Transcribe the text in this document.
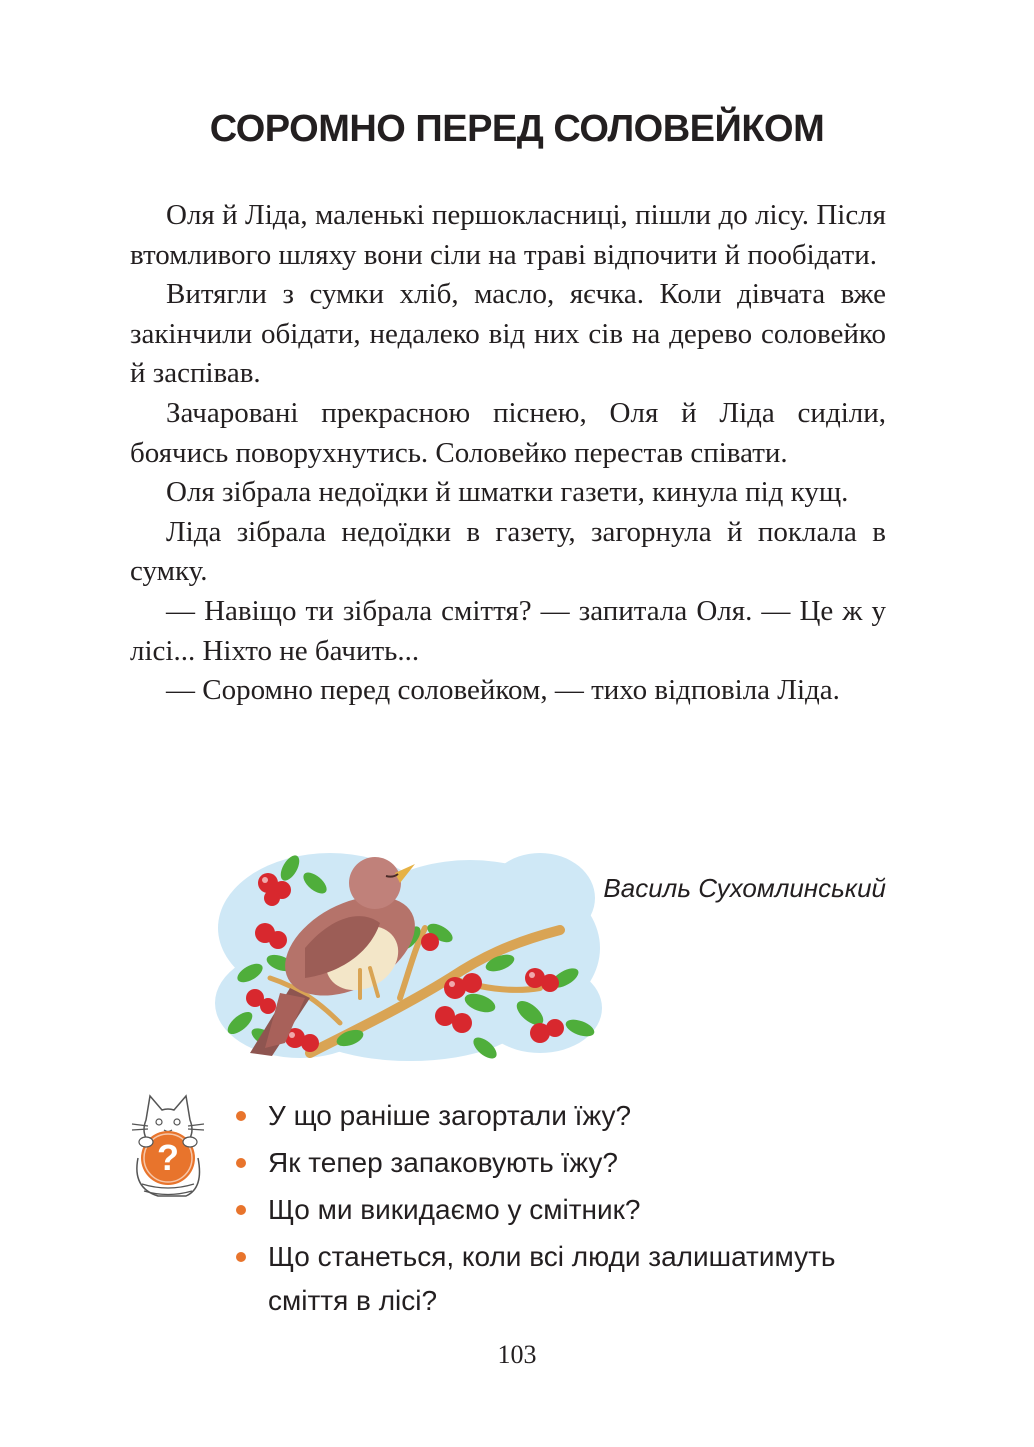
СОРОМНО ПЕРЕД СОЛОВЕЙКОМ

Оля й Ліда, маленькі першокласниці, пішли до лісу. Після втомливого шляху вони сіли на траві відпочити й пообідати.

Витягли з сумки хліб, масло, яєчка. Коли дівчата вже закінчили обідати, недалеко від них сів на дерево соловейко й заспівав.

Зачаровані прекрасною піснею, Оля й Ліда сиділи, боячись поворухнутись. Соловейко перестав співати.

Оля зібрала недоїдки й шматки газети, кинула під кущ.

Ліда зібрала недоїдки в газету, загорнула й поклала в сумку.

— Навіщо ти зібрала сміття? — запитала Оля. — Це ж у лісі... Ніхто не бачить...

— Соромно перед соловейком, — тихо відповіла Ліда.

Василь Сухомлинський
?
У що раніше загортали їжу?
Як тепер запаковують їжу?
Що ми викидаємо у смітник?
Що станеться, коли всі люди залишатимуть сміття в лісі?
103
